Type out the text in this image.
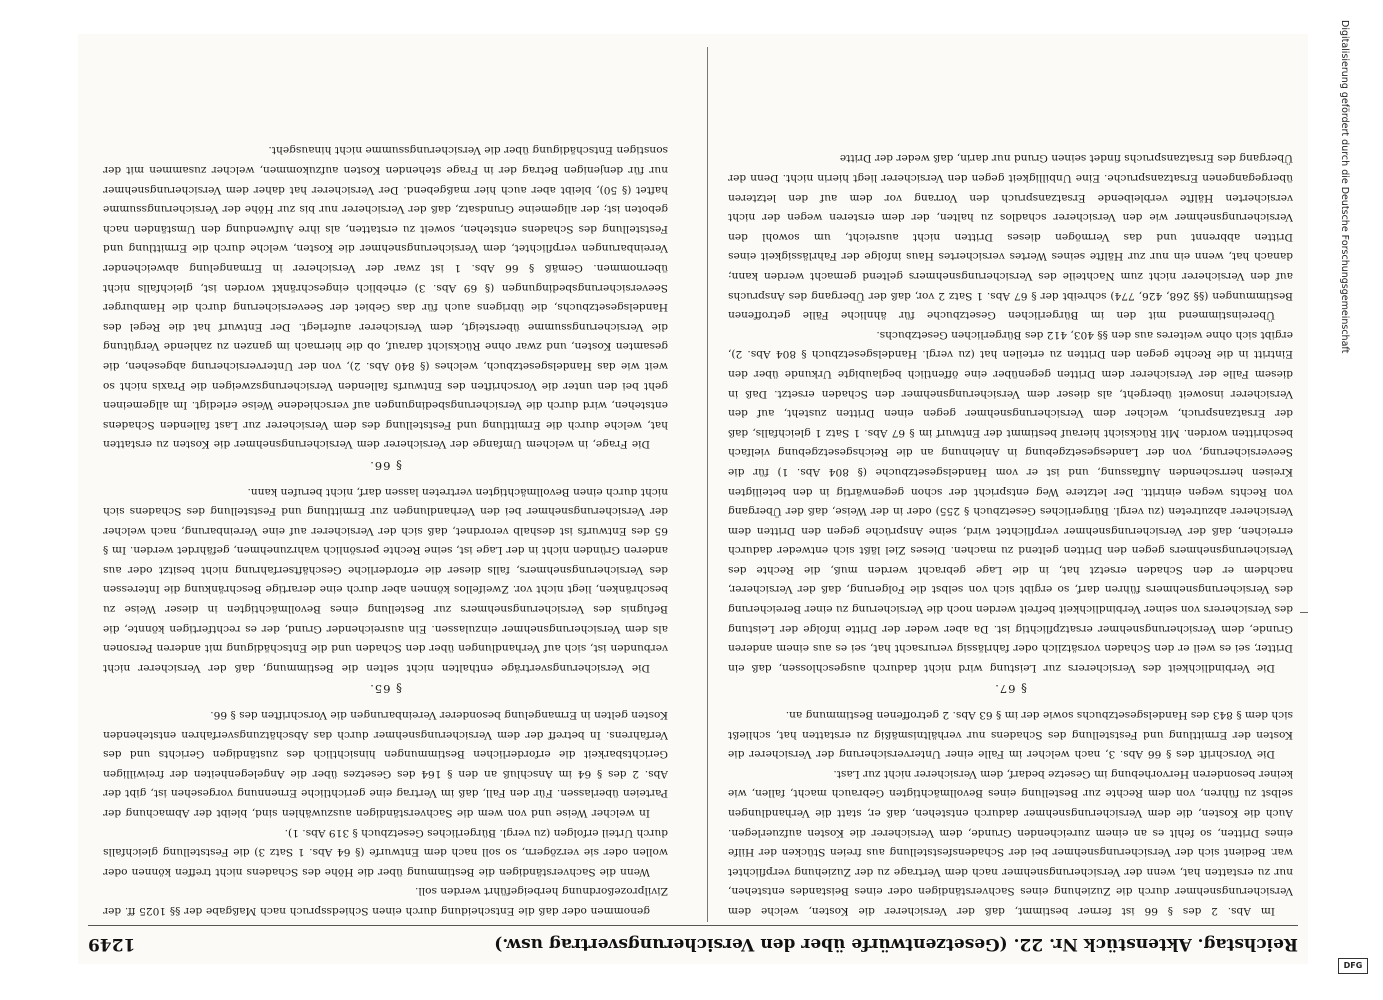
Reichstag. Aktenstück Nr. 22. (Gesetzentwürfe über den Versicherungsvertrag usw.)
1249

Im Abs. 2 des § 66 ist ferner bestimmt, daß der Versicherer die Kosten, welche dem Versicherungsnehmer durch die Zuziehung eines Sachverständigen oder eines Beistandes entstehen, nur zu erstatten hat, wenn der Versicherungsnehmer nach dem Vertrage zu der Zuziehung verpflichtet war. Bedient sich der Versicherungsnehmer bei der Schadensfeststellung aus freien Stücken der Hilfe eines Dritten, so fehlt es an einem zureichenden Grunde, dem Versicherer die Kosten aufzuerlegen. Auch die Kosten, die dem Versicherungsnehmer dadurch entstehen, daß er, statt die Verhandlungen selbst zu führen, von dem Rechte zur Bestellung eines Bevollmächtigten Gebrauch macht, fallen, wie keiner besonderen Hervorhebung im Gesetze bedarf, dem Versicherer nicht zur Last.

Die Vorschrift des § 66 Abs. 3, nach welcher im Falle einer Unterversicherung der Versicherer die Kosten der Ermittlung und Feststellung des Schadens nur verhältnismäßig zu erstatten hat, schließt sich dem § 843 des Handelsgesetzbuchs sowie der im § 63 Abs. 2 getroffenen Bestimmung an.

§ 67.

Die Verbindlichkeit des Versicherers zur Leistung wird nicht dadurch ausgeschlossen, daß ein Dritter, sei es weil er den Schaden vorsätzlich oder fahrlässig verursacht hat, sei es aus einem anderen Grunde, dem Versicherungsnehmer ersatzpflichtig ist. Da aber weder der Dritte infolge der Leistung des Versicherers von seiner Verbindlichkeit befreit werden noch die Versicherung zu einer Bereicherung des Versicherungsnehmers führen darf, so ergibt sich von selbst die Folgerung, daß der Versicherer, nachdem er den Schaden ersetzt hat, in die Lage gebracht werden muß, die Rechte des Versicherungsnehmers gegen den Dritten geltend zu machen. Dieses Ziel läßt sich entweder dadurch erreichen, daß der Versicherungsnehmer verpflichtet wird, seine Ansprüche gegen den Dritten dem Versicherer abzutreten (zu vergl. Bürgerliches Gesetzbuch § 255) oder in der Weise, daß der Übergang von Rechts wegen eintritt. Der letztere Weg entspricht der schon gegenwärtig in den beteiligten Kreisen herrschenden Auffassung, und ist er vom Handelsgesetzbuche (§ 804 Abs. 1) für die Seeversicherung, von der Landesgesetzgebung in Anlehnung an die Reichsgesetzgebung vielfach beschritten worden. Mit Rücksicht hierauf bestimmt der Entwurf im § 67 Abs. 1 Satz 1 gleichfalls, daß der Ersatzanspruch, welcher dem Versicherungsnehmer gegen einen Dritten zusteht, auf den Versicherer insoweit übergeht, als dieser dem Versicherungsnehmer den Schaden ersetzt. Daß in diesem Falle der Versicherer dem Dritten gegenüber eine öffentlich beglaubigte Urkunde über den Eintritt in die Rechte gegen den Dritten zu erteilen hat (zu vergl. Handelsgesetzbuch § 804 Abs. 2), ergibt sich ohne weiteres aus den §§ 403, 412 des Bürgerlichen Gesetzbuchs.

Übereinstimmend mit den im Bürgerlichen Gesetzbuche für ähnliche Fälle getroffenen Bestimmungen (§§ 268, 426, 774) schreibt der § 67 Abs. 1 Satz 2 vor, daß der Übergang des Anspruchs auf den Versicherer nicht zum Nachteile des Versicherungsnehmers geltend gemacht werden kann; danach hat, wenn ein nur zur Hälfte seines Wertes versichertes Haus infolge der Fahrlässigkeit eines Dritten abbrennt und das Vermögen dieses Dritten nicht ausreicht, um sowohl den Versicherungsnehmer wie den Versicherer schadlos zu halten, der dem ersteren wegen der nicht versicherten Hälfte verbleibende Ersatzanspruch den Vorrang vor dem auf den letzteren übergegangenen Ersatzanspruche. Eine Unbilligkeit gegen den Versicherer liegt hierin nicht. Denn der Übergang des Ersatzanspruchs findet seinen Grund nur darin, daß weder der Dritte

genommen oder daß die Entscheidung durch einen Schiedsspruch nach Maßgabe der §§ 1025 ff. der Zivilprozeßordnung herbeigeführt werden soll.

Wenn die Sachverständigen die Bestimmung über die Höhe des Schadens nicht treffen können oder wollen oder sie verzögern, so soll nach dem Entwurfe (§ 64 Abs. 1 Satz 3) die Feststellung gleichfalls durch Urteil erfolgen (zu vergl. Bürgerliches Gesetzbuch § 319 Abs. 1).

In welcher Weise und von wem die Sachverständigen auszuwählen sind, bleibt der Abmachung der Parteien überlassen. Für den Fall, daß im Vertrag eine gerichtliche Ernennung vorgesehen ist, gibt der Abs. 2 des § 64 im Anschluß an den § 164 des Gesetzes über die Angelegenheiten der freiwilligen Gerichtsbarkeit die erforderlichen Bestimmungen hinsichtlich des zuständigen Gerichts und des Verfahrens. In betreff der dem Versicherungsnehmer durch das Abschätzungsverfahren entstehenden Kosten gelten in Ermangelung besonderer Vereinbarungen die Vorschriften des § 66.

§ 65.

Die Versicherungsverträge enthalten nicht selten die Bestimmung, daß der Versicherer nicht verbunden ist, sich auf Verhandlungen über den Schaden und die Entschädigung mit anderen Personen als dem Versicherungsnehmer einzulassen. Ein ausreichender Grund, der es rechtfertigen könnte, die Befugnis des Versicherungsnehmers zur Bestellung eines Bevollmächtigten in dieser Weise zu beschränken, liegt nicht vor. Zweifellos können aber durch eine derartige Beschränkung die Interessen des Versicherungsnehmers, falls dieser die erforderliche Geschäftserfahrung nicht besitzt oder aus anderen Gründen nicht in der Lage ist, seine Rechte persönlich wahrzunehmen, gefährdet werden. Im § 65 des Entwurfs ist deshalb verordnet, daß sich der Versicherer auf eine Vereinbarung, nach welcher der Versicherungsnehmer bei den Verhandlungen zur Ermittlung und Feststellung des Schadens sich nicht durch einen Bevollmächtigten vertreten lassen darf, nicht berufen kann.

§ 66.

Die Frage, in welchem Umfange der Versicherer dem Versicherungsnehmer die Kosten zu erstatten hat, welche durch die Ermittlung und Feststellung des dem Versicherer zur Last fallenden Schadens entstehen, wird durch die Versicherungsbedingungen auf verschiedene Weise erledigt. Im allgemeinen geht bei den unter die Vorschriften des Entwurfs fallenden Versicherungszweigen die Praxis nicht so weit wie das Handelsgesetzbuch, welches (§ 840 Abs. 2), von der Unterversicherung abgesehen, die gesamten Kosten, und zwar ohne Rücksicht darauf, ob die hiernach im ganzen zu zahlende Vergütung die Versicherungssumme übersteigt, dem Versicherer auferlegt. Der Entwurf hat die Regel des Handelsgesetzbuchs, die übrigens auch für das Gebiet der Seeversicherung durch die Hamburger Seeversicherungsbedingungen (§ 69 Abs. 3) erheblich eingeschränkt worden ist, gleichfalls nicht übernommen. Gemäß § 66 Abs. 1 ist zwar der Versicherer in Ermangelung abweichender Vereinbarungen verpflichtet, dem Versicherungsnehmer die Kosten, welche durch die Ermittlung und Feststellung des Schadens entstehen, soweit zu erstatten, als ihre Aufwendung den Umständen nach geboten ist; der allgemeine Grundsatz, daß der Versicherer nur bis zur Höhe der Versicherungssumme haftet (§ 50), bleibt aber auch hier maßgebend. Der Versicherer hat daher dem Versicherungsnehmer nur für denjenigen Betrag der in Frage stehenden Kosten aufzukommen, welcher zusammen mit der sonstigen Entschädigung über die Versicherungssumme nicht hinausgeht.	Digitalisierung gefördert durch die Deutsche Forschungsgemeinschaft
DFG
